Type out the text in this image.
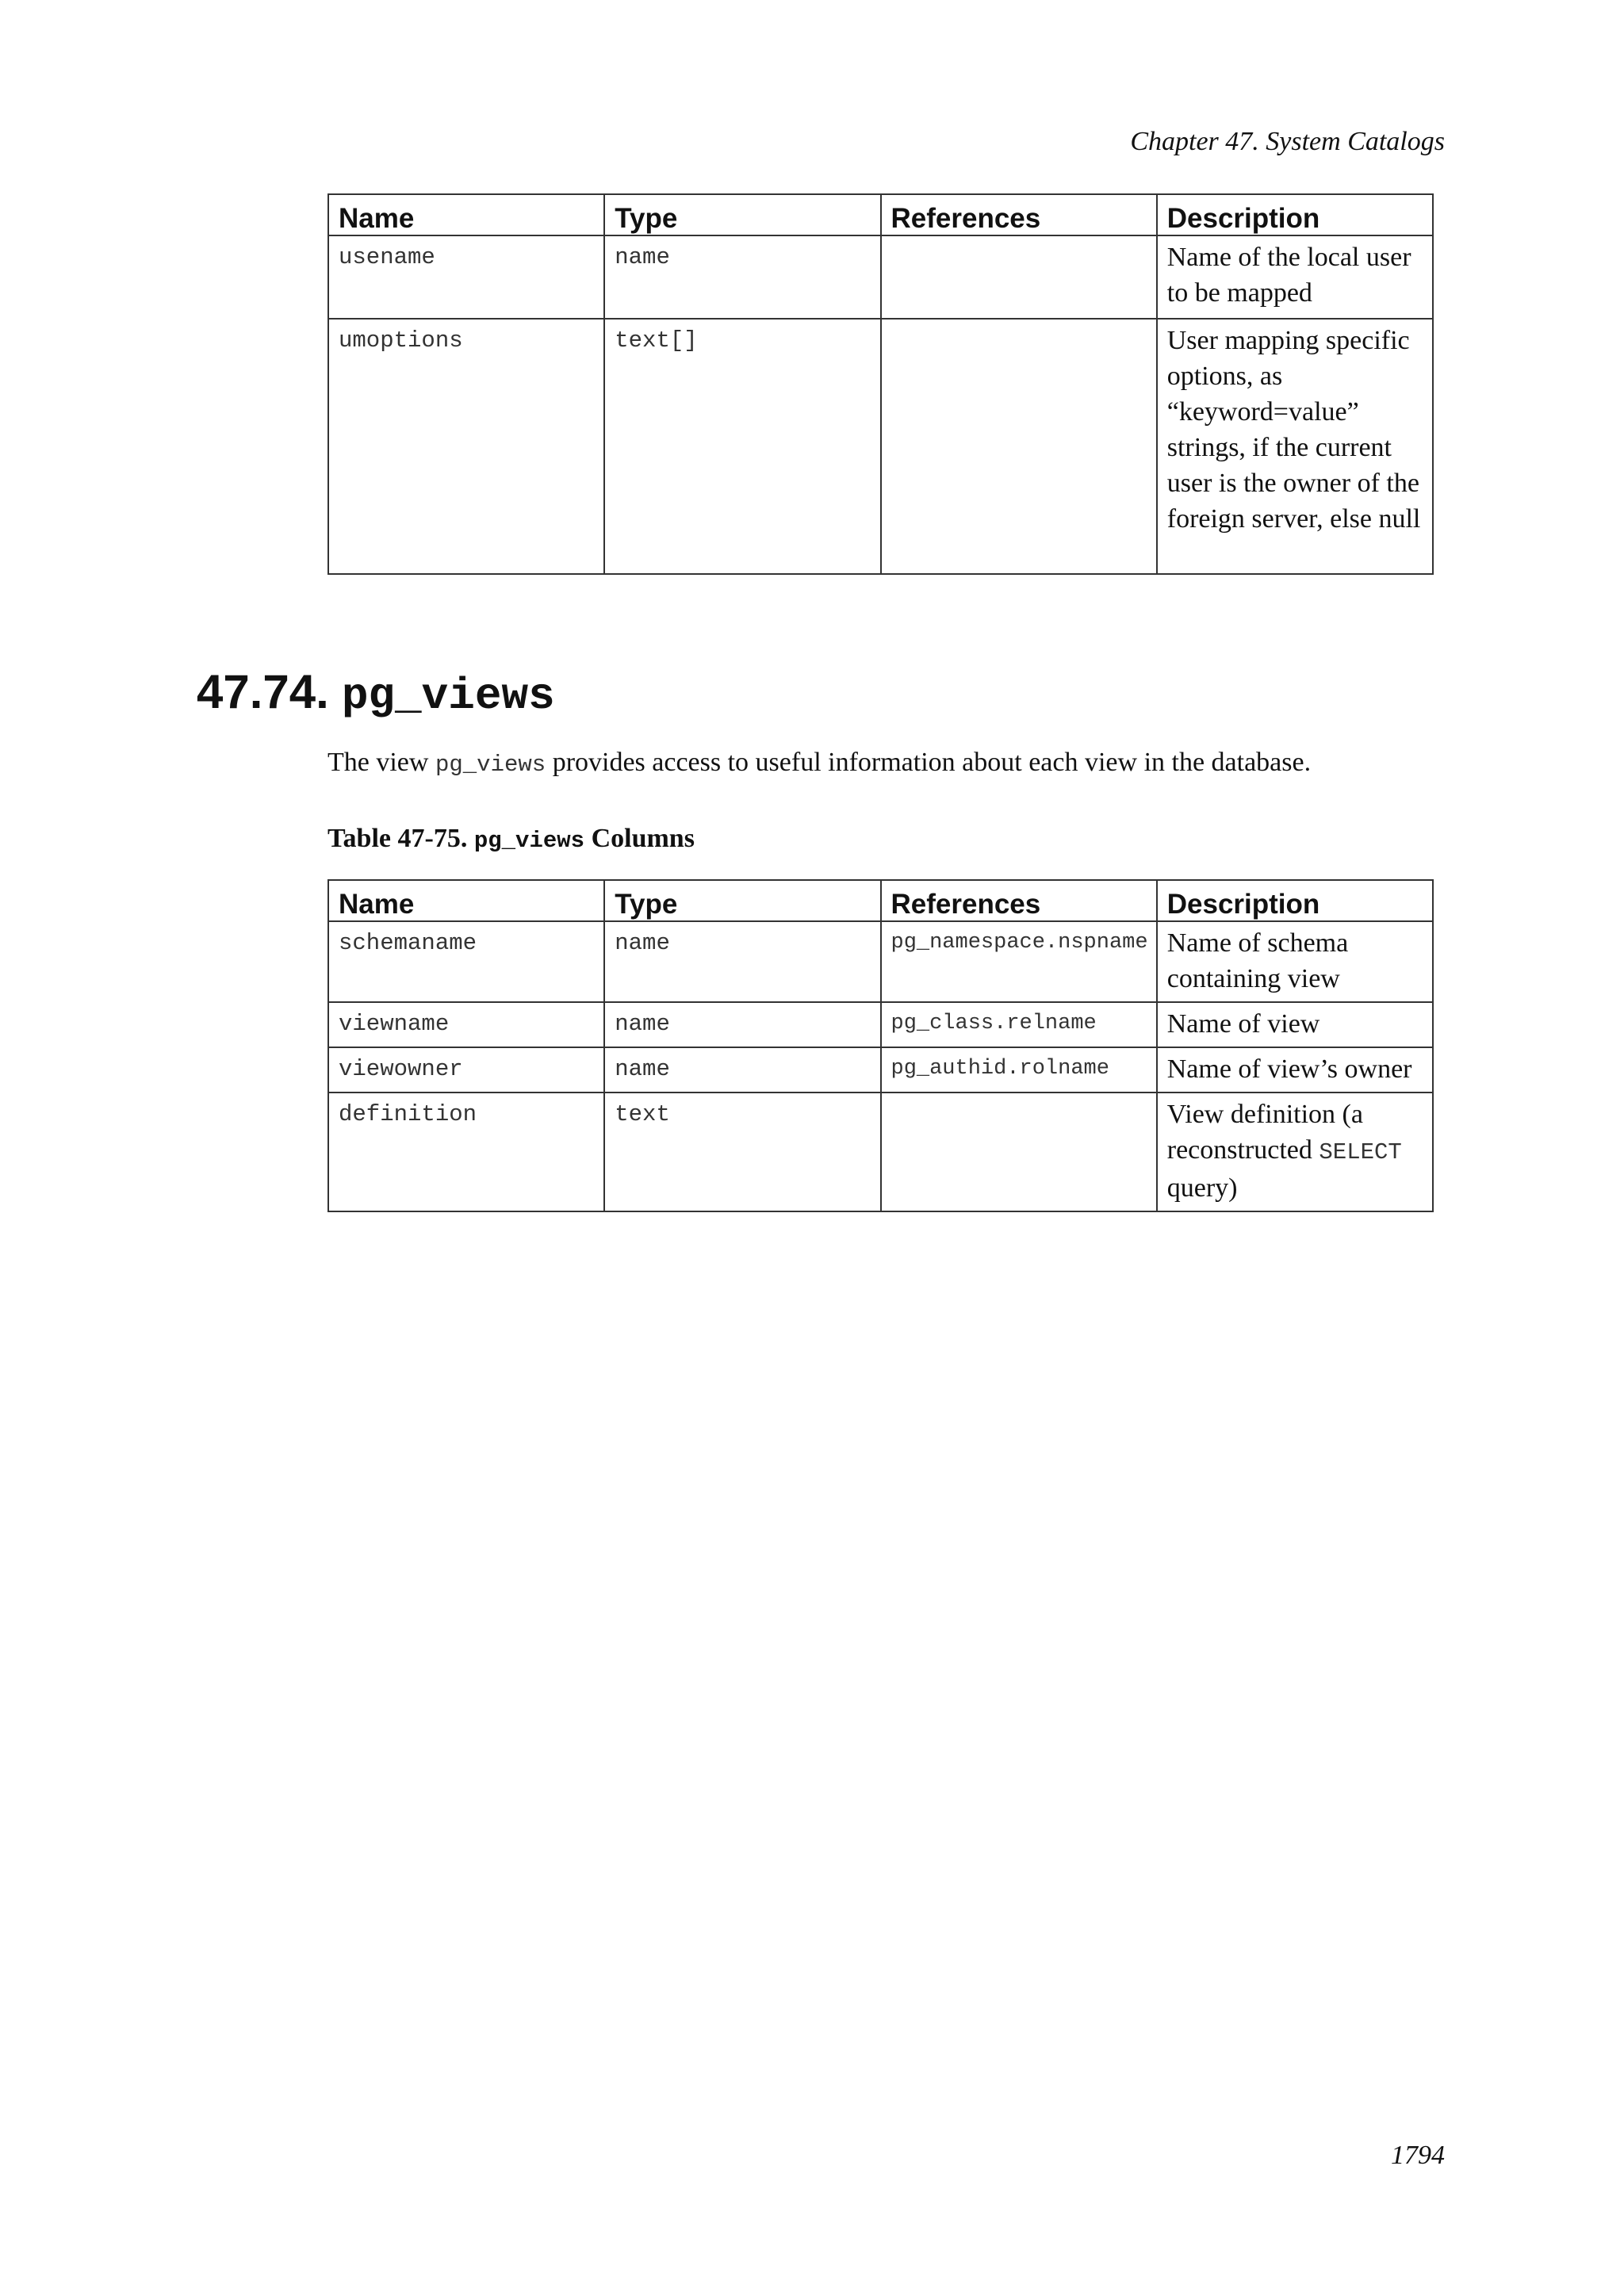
Chapter 47. System Catalogs
Name	Type	References	Description
usename	name		Name of the local user to be mapped
umoptions	text[]		User mapping specific options, as “keyword=value” strings, if the current user is the owner of the foreign server, else null
47.74. pg_views

The view pg_views provides access to useful information about each view in the database.

Table 47-75. pg_views Columns

Name	Type	References	Description
schemaname	name	pg_namespace.nspname	Name of schema containing view
viewname	name	pg_class.relname	Name of view
viewowner	name	pg_authid.rolname	Name of view’s owner
definition	text		View definition (a reconstructed SELECT query)
1794
